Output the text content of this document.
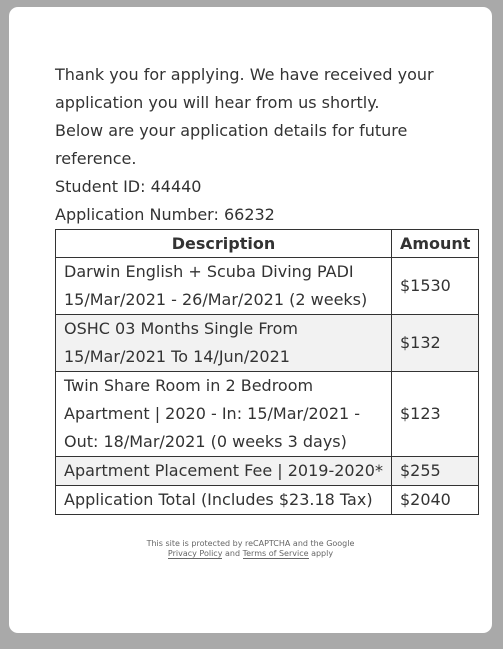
Thank you for applying. We have received your
application you will hear from us shortly.
Below are your application details for future
reference.
Student ID: 44440
Application Number: 66232
Description	Amount

Darwin English + Scuba Diving PADI
15/Mar/2021 - 26/Mar/2021 (2 weeks)	$1530

OSHC 03 Months Single From
15/Mar/2021 To 14/Jun/2021	$132

Twin Share Room in 2 Bedroom
Apartment | 2020 - In: 15/Mar/2021 -
Out: 18/Mar/2021 (0 weeks 3 days)	$123

Apartment Placement Fee | 2019-2020*	$255

Application Total (Includes $23.18 Tax)	$2040
This site is protected by reCAPTCHA and the Google
Privacy Policy and Terms of Service apply
